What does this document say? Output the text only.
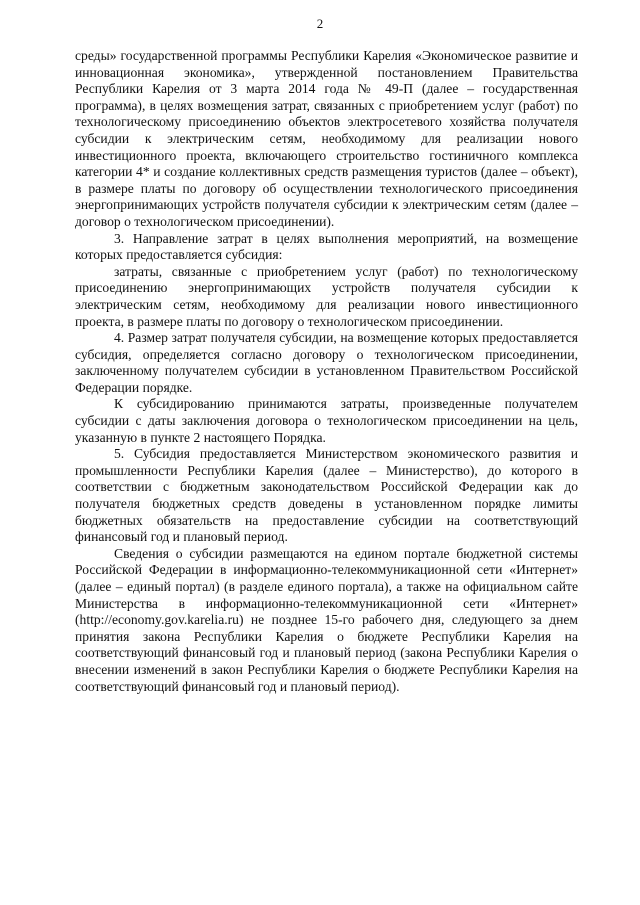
2

среды» государственной программы Республики Карелия «Экономическое развитие и инновационная экономика», утвержденной постановлением Правительства Республики Карелия от 3 марта 2014 года № 49-П (далее – государственная программа), в целях возмещения затрат, связанных с приобретением услуг (работ) по технологическому присоединению объектов электросетевого хозяйства получателя субсидии к электрическим сетям, необходимому для реализации нового инвестиционного проекта, включающего строительство гостиничного комплекса категории 4* и создание коллективных средств размещения туристов (далее – объект), в размере платы по договору об осуществлении технологического присоединения энергопринимающих устройств получателя субсидии к электрическим сетям (далее – договор о технологическом присоединении).

3. Направление затрат в целях выполнения мероприятий, на возмещение которых предоставляется субсидия:

затраты, связанные с приобретением услуг (работ) по технологическому присоединению энергопринимающих устройств получателя субсидии к электрическим сетям, необходимому для реализации нового инвестиционного проекта, в размере платы по договору о технологическом присоединении.

4. Размер затрат получателя субсидии, на возмещение которых предоставляется субсидия, определяется согласно договору о технологическом присоединении, заключенному получателем субсидии в установленном Правительством Российской Федерации порядке.

К субсидированию принимаются затраты, произведенные получателем субсидии с даты заключения договора о технологическом присоединении на цель, указанную в пункте 2 настоящего Порядка.

5. Субсидия предоставляется Министерством экономического развития и промышленности Республики Карелия (далее – Министерство), до которого в соответствии с бюджетным законодательством Российской Федерации как до получателя бюджетных средств доведены в установленном порядке лимиты бюджетных обязательств на предоставление субсидии на соответствующий финансовый год и плановый период.

Сведения о субсидии размещаются на едином портале бюджетной системы Российской Федерации в информационно-телекоммуникационной сети «Интернет» (далее – единый портал) (в разделе единого портала), а также на официальном сайте Министерства в информационно-телекоммуникационной сети «Интернет» (http://economy.gov.karelia.ru) не позднее 15-го рабочего дня, следующего за днем принятия закона Республики Карелия о бюджете Республики Карелия на соответствующий финансовый год и плановый период (закона Республики Карелия о внесении изменений в закон Республики Карелия о бюджете Республики Карелия на соответствующий финансовый год и плановый период).
